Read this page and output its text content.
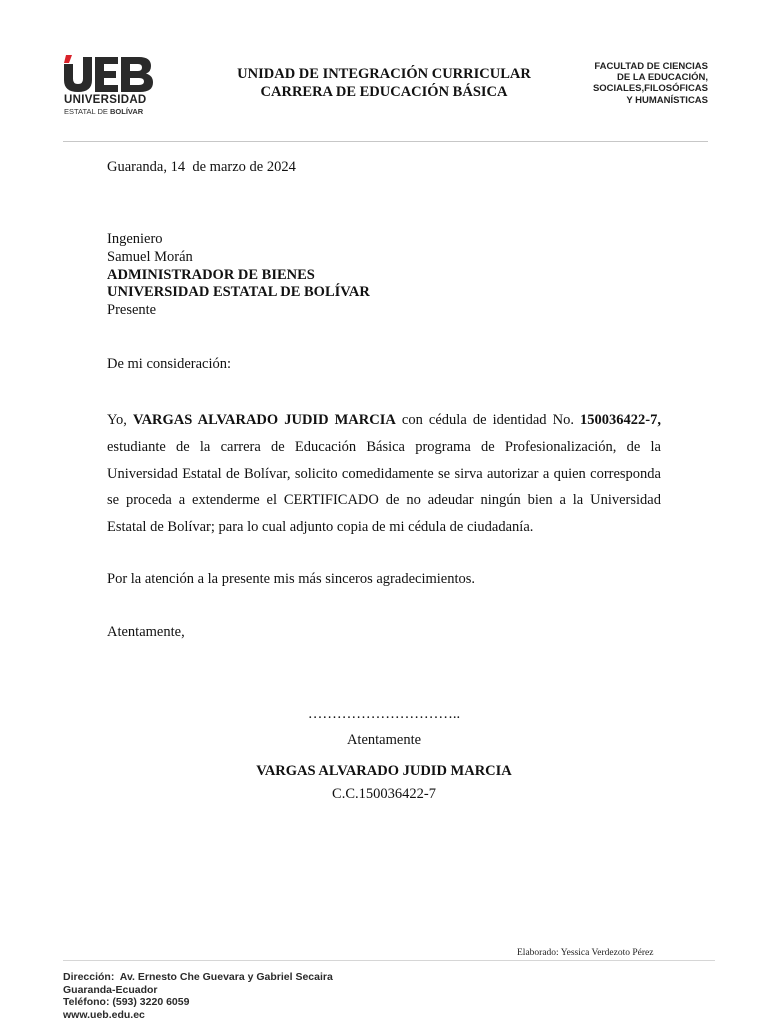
UNIVERSIDAD
ESTATAL DE BOLÍVAR
UNIDAD DE INTEGRACIÓN CURRICULAR
CARRERA DE EDUCACIÓN BÁSICA
FACULTAD DE CIENCIAS
DE LA EDUCACIÓN,
SOCIALES,FILOSÓFICAS
Y HUMANÍSTICAS
Guaranda, 14  de marzo de 2024
Ingeniero
Samuel Morán
ADMINISTRADOR DE BIENES
UNIVERSIDAD ESTATAL DE BOLÍVAR
Presente
De mi consideración:
Yo, VARGAS ALVARADO JUDID MARCIA con cédula de identidad No. 150036422-7, estudiante de la carrera de Educación Básica programa de Profesionalización, de la Universidad Estatal de Bolívar, solicito comedidamente se sirva autorizar a quien corresponda se proceda a extenderme el CERTIFICADO de no adeudar ningún bien a la Universidad Estatal de Bolívar; para lo cual adjunto copia de mi cédula de ciudadanía.
Por la atención a la presente mis más sinceros agradecimientos.
Atentamente,
…………………………..
Atentamente
VARGAS ALVARADO JUDID MARCIA
C.C.150036422-7
Elaborado: Yessica Verdezoto Pérez
Dirección:  Av. Ernesto Che Guevara y Gabriel Secaira
Guaranda-Ecuador
Teléfono: (593) 3220 6059
www.ueb.edu.ec
